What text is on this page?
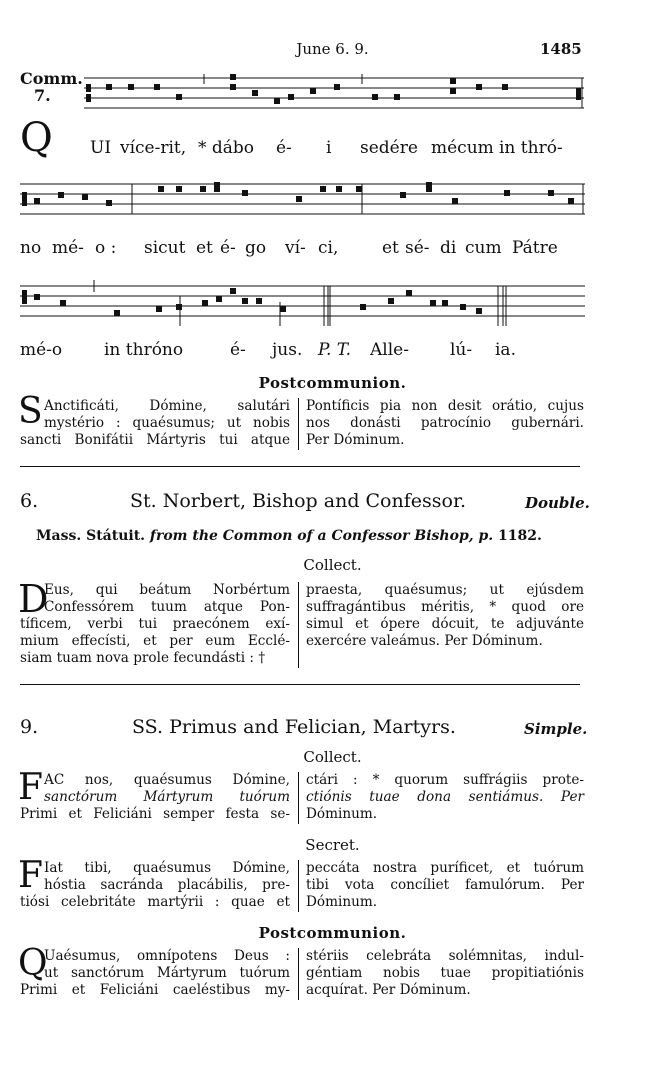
June 6. 9.	1485
Comm.
7.
Q UI více-rit, * dábo é- i sedére mécum in thró-
no mé- o : sicut et é- go ví- ci,	et sé- di cum Pátre
mé-o in thróno	é- jus. P. T. Alle- lú- ia.
Postcommunion.
S Anctificáti, Dómine, salutári
mystério : quaésumus; ut nobis
sancti Bonifátii Mártyris tui atque
Pontíficis pia non desit orátio, cujus
nos donásti patrocínio gubernári.
Per Dóminum.
6.	St. Norbert, Bishop and Confessor.	Double.
Mass. Státuit. from the Common of a Confessor Bishop, p. 1182.
Collect.
D
Eus, qui beátum Norbértum
Confessórem tuum atque Pon-
tíficem, verbi tui praecónem exí-
mium effecísti, et per eum Ecclé-
siam tuam nova prole fecundásti : †
praesta, quaésumus; ut ejúsdem
suffragántibus méritis, * quod ore
simul et ópere dócuit, te adjuvánte
exercére valeámus. Per Dóminum.
9.	SS. Primus and Felician, Martyrs.	Simple.
Collect.
F AC nos, quaésumus Dómine,
sanctórum Mártyrum tuórum
Primi et Feliciáni semper festa se-
ctári : * quorum suffrágiis prote-
ctiónis tuae dona sentiámus. Per
Dóminum.
Secret.
F Iat tibi, quaésumus Dómine,
hóstia sacránda placábilis, pre-
tiósi celebritáte martýrii : quae et
peccáta nostra puríficet, et tuórum
tibi vota concíliet famulórum. Per
Dóminum.
Postcommunion.
Q
Uaésumus, omnípotens Deus :
ut sanctórum Mártyrum tuórum
Primi et Feliciáni caeléstibus my-
stériis celebráta solémnitas, indul-
géntiam nobis tuae propitiatiónis
acquírat. Per Dóminum.
